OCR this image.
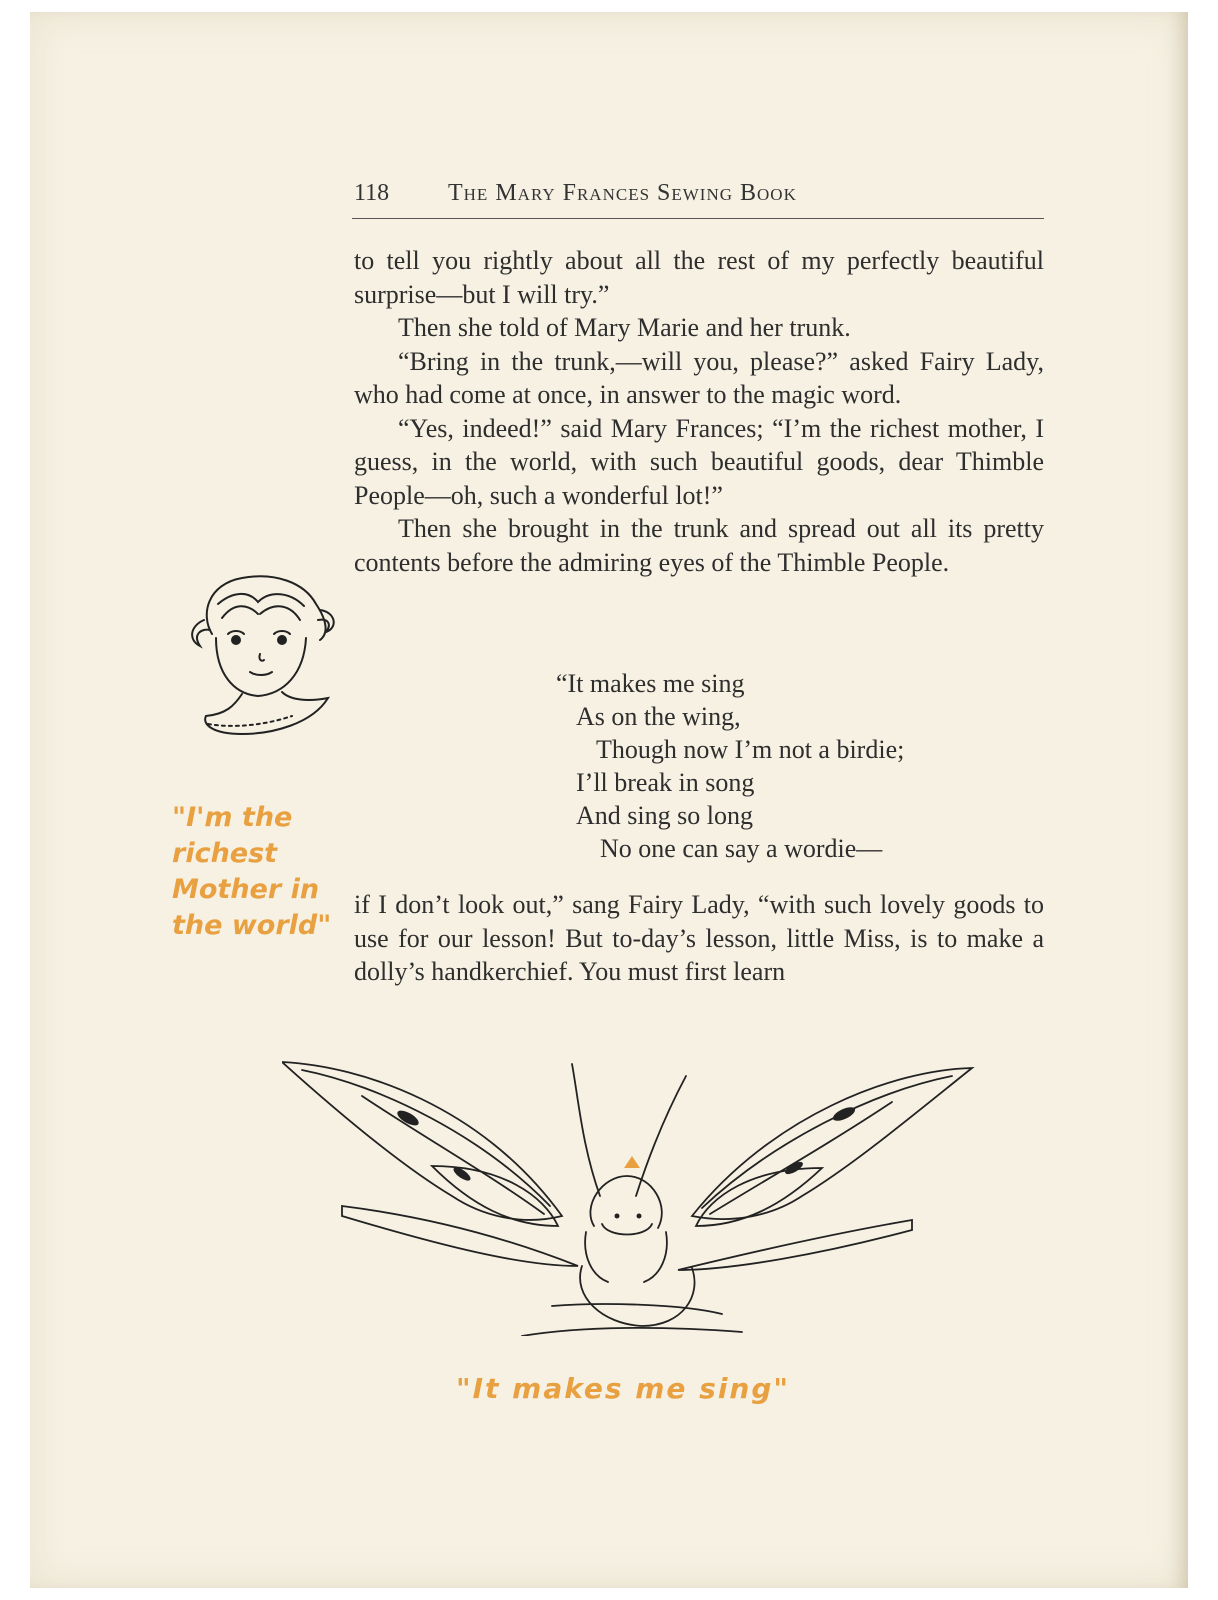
118 The Mary Frances Sewing Book

to tell you rightly about all the rest of my perfectly beautiful surprise—but I will try.”

Then she told of Mary Marie and her trunk.

“Bring in the trunk,—will you, please?” asked Fairy Lady, who had come at once, in answer to the magic word.

“Yes, indeed!” said Mary Frances; “I’m the richest mother, I guess, in the world, with such beautiful goods, dear Thimble People—oh, such a wonderful lot!”

Then she brought in the trunk and spread out all its pretty contents before the admiring eyes of the Thimble People.

“It makes me sing
As on the wing,
Though now I’m not a birdie;
I’ll break in song
And sing so long
No one can say a wordie—

if I don’t look out,” sang Fairy Lady, “with such lovely goods to use for our lesson! But to-day’s lesson, little Miss, is to make a dolly’s handkerchief. You must first learn

"I'm the richest Mother in the world"
"It makes me sing"
